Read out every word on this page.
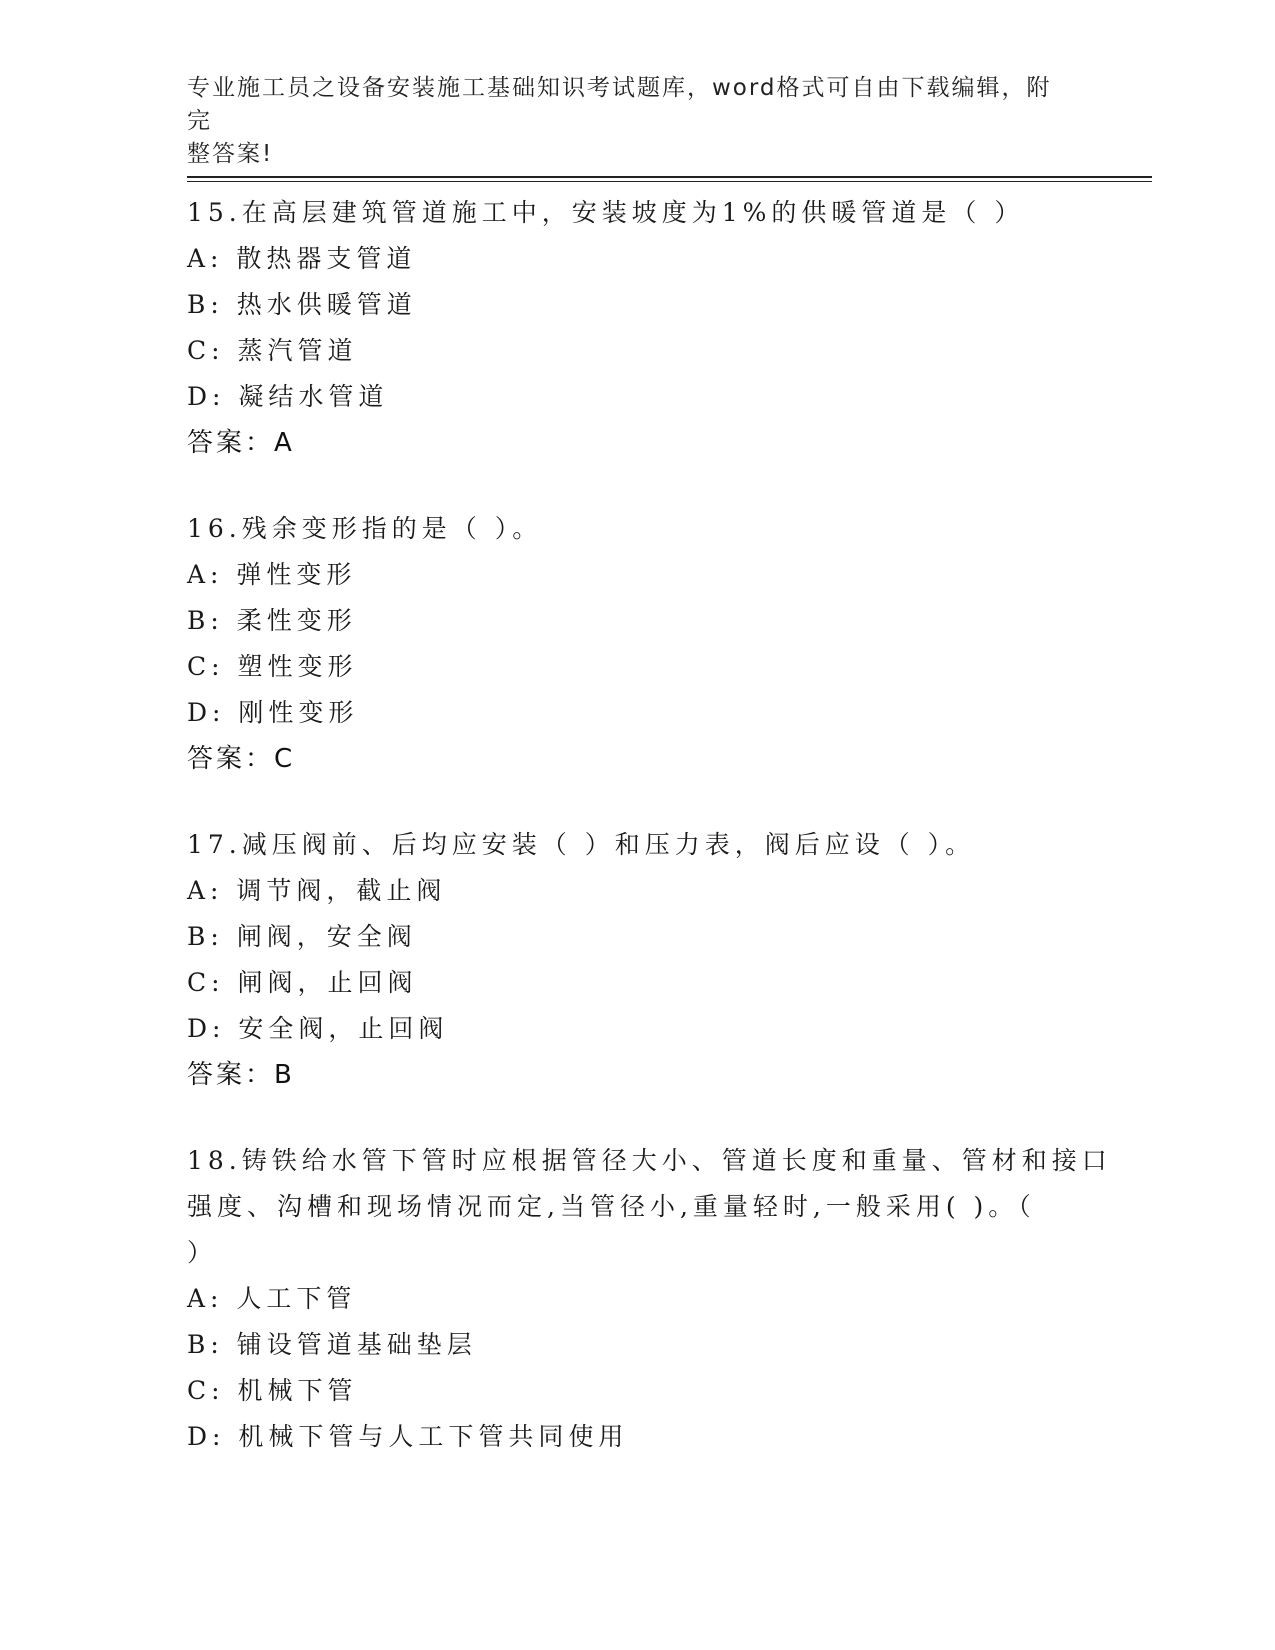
专业施工员之设备安装施工基础知识考试题库，word格式可自由下载编辑，附完
整答案!
15.在高层建筑管道施工中，安装坡度为1%的供暖管道是（ ）
A: 散热器支管道
B: 热水供暖管道
C: 蒸汽管道
D: 凝结水管道
答案：A
16.残余变形指的是（ ）。
A: 弹性变形
B: 柔性变形
C: 塑性变形
D: 刚性变形
答案：C
17.减压阀前、后均应安装（ ）和压力表，阀后应设（ ）。
A: 调节阀，截止阀
B: 闸阀，安全阀
C: 闸阀，止回阀
D: 安全阀，止回阀
答案：B
18.铸铁给水管下管时应根据管径大小、管道长度和重量、管材和接口
强度、沟槽和现场情况而定,当管径小,重量轻时,一般采用( )。（
）
A: 人工下管
B: 铺设管道基础垫层
C: 机械下管
D: 机械下管与人工下管共同使用
